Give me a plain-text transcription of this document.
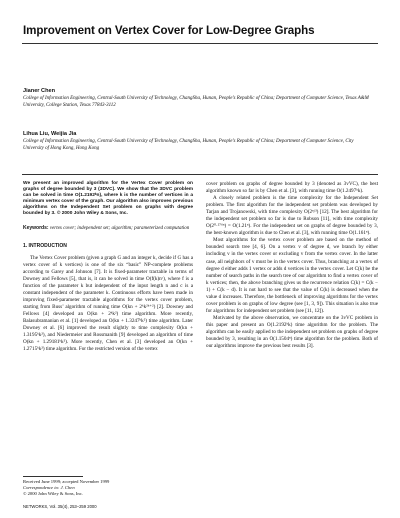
Improvement on Vertex Cover for Low-Degree Graphs
Jianer Chen
College of Information Engineering, Central-South University of Technology, ChangSha, Hunan, People’s Republic of China; Department of Computer Science, Texas A&M University, College Station, Texas 77843-3112
Lihua Liu, Weijia Jia
College of Information Engineering, Central-South University of Technology, ChangSha, Hunan, People’s Republic of China; Department of Computer Science, City University of Hong Kong, Hong Kong
We present an improved algorithm for the Vertex Cover problem on graphs of degree bounded by 3 (3DVC). We show that the 3DVC problem can be solved in time O(1.2192ᵏn), where k is the number of vertices in a minimum vertex cover of the graph. Our algorithm also improves previous algorithms on the Independent Set problem on graphs with degree bounded by 3. © 2000 John Wiley & Sons, Inc.
Keywords: vertex cover; independent set; algorithm; parameterized computation
1. INTRODUCTION

The Vertex Cover problem (given a graph G and an integer k, decide if G has a vertex cover of k vertices) is one of the six “basic” NP-complete problems according to Garey and Johnson [7]. It is fixed-parameter tractable in terms of Downey and Fellows [5], that is, it can be solved in time O(f(k)nᶜ), where f is a function of the parameter k but independent of the input length n and c is a constant independent of the parameter k. Continuous efforts have been made in improving fixed-parameter tractable algorithms for the vertex cover problem, starting from Buss’ algorithm of running time O(kn + 2ᵏk²ᵏ⁺²) [2]. Downey and Fellows [4] developed an O(kn + 2ᵏk²) time algorithm. More recently, Balasubramanian et al. [1] developed an O(kn + 1.3247ᵏk²) time algorithm. Later Downey et al. [6] improved the result slightly to time complexity O(kn + 1.3195ᵏk²), and Niedermeier and Rossmanith [9] developed an algorithm of time O(kn + 1.29181ᵏk²). More recently, Chen et al. [3] developed an O(kn + 1.2715ᵏk²) time algorithm. For the restricted version of the vertex

cover problem on graphs of degree bounded by 3 (denoted as 3vVC), the best algorithm known so far is by Chen et al. [3], with running time O(1.2497ᵏk).

A closely related problem is the time complexity for the Independent Set problem. The first algorithm for the independent set problem was developed by Tarjan and Trojanowski, with time complexity O(2ⁿ/³) [12]. The best algorithm for the independent set problem so far is due to Robson [11], with time complexity O(2⁰·²⁷⁶ⁿ) = O(1.21ⁿ). For the independent set on graphs of degree bounded by 3, the best-known algorithm is due to Chen et al. [3], with running time O(1.161ⁿ).

Most algorithms for the vertex cover problem are based on the method of bounded search tree [4, 6]. On a vertex v of degree d, we branch by either including v in the vertex cover or excluding v from the vertex cover. In the latter case, all neighbors of v must be in the vertex cover. Thus, branching at a vertex of degree d either adds 1 vertex or adds d vertices in the vertex cover. Let C(k) be the number of search paths in the search tree of our algorithm to find a vertex cover of k vertices; then, the above branching gives us the recurrence relation C(k) = C(k − 1) + C(k − d). It is not hard to see that the value of C(k) is decreased when the value d increases. Therefore, the bottleneck of improving algorithms for the vertex cover problem is on graphs of low degree (see [1, 3, 9]). This situation is also true for algorithms for independent set problem (see [11, 12]).

Motivated by the above observation, we concentrate on the 3vVC problem in this paper and present an O(1.2192ᵏk) time algorithm for the problem. The algorithm can be easily applied to the independent set problem on graphs of degree bounded by 3, resulting in an O(1.1504ⁿ) time algorithm for the problem. Both of our algorithms improve the previous best results [3].

Received June 1999; accepted November 1999
Correspondence to: J. Chen
© 2000 John Wiley & Sons, Inc.
NETWORKS, Vol. 35(4), 253–259 2000
